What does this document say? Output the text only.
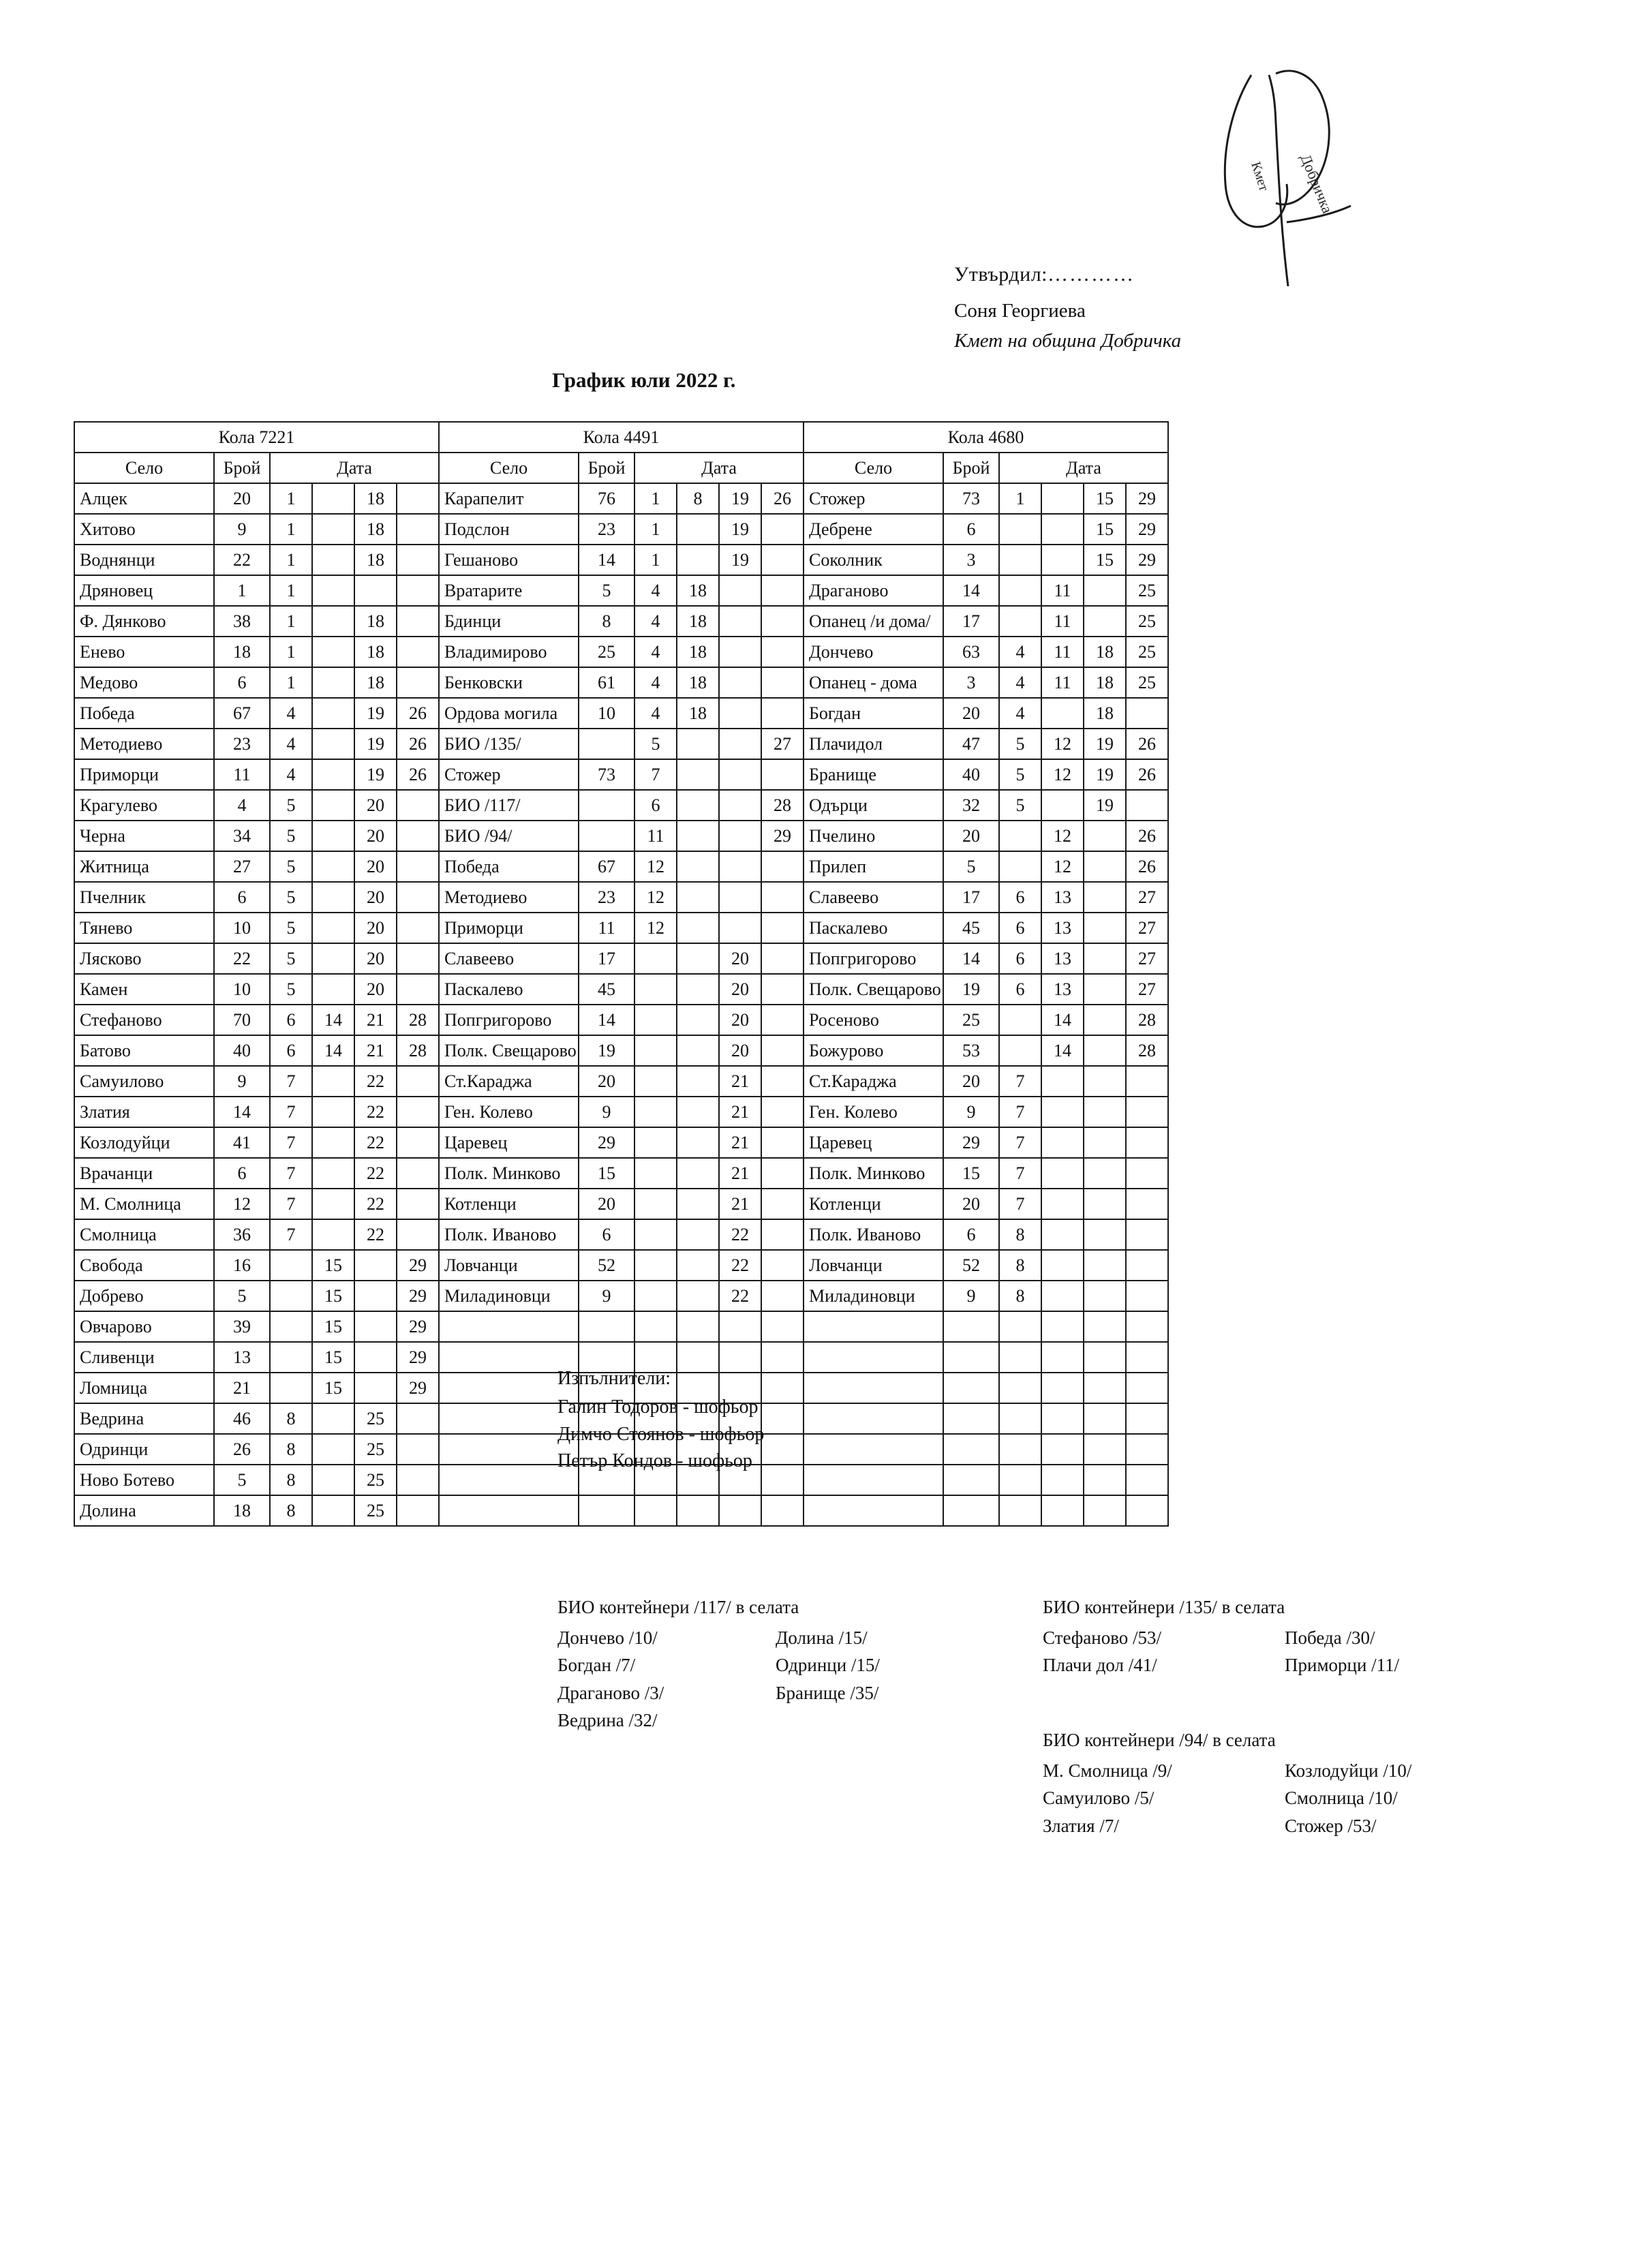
Добричка
Кмет
Утвърдил:…………
Соня Георгиева
Кмет на община Добричка
График юли 2022 г.
Кола 7221						Кола 4491						Кола 4680					
Село	Брой	Дата				Село	Брой	Дата				Село	Брой	Дата			
Алцек	20	1		18		Карапелит	76	1	8	19	26	Стожер	73	1		15	29
Хитово	9	1		18		Подслон	23	1		19		Дебрене	6			15	29
Воднянци	22	1		18		Гешаново	14	1		19		Соколник	3			15	29
Дряновец	1	1				Вратарите	5	4	18			Драганово	14		11		25
Ф. Дянково	38	1		18		Бдинци	8	4	18			Опанец /и дома/	17		11		25
Енево	18	1		18		Владимирово	25	4	18			Дончево	63	4	11	18	25
Медово	6	1		18		Бенковски	61	4	18			Опанец - дома	3	4	11	18	25
Победа	67	4		19	26	Ордова могила	10	4	18			Богдан	20	4		18	
Методиево	23	4		19	26	БИО /135/		5			27	Плачидол	47	5	12	19	26
Приморци	11	4		19	26	Стожер	73	7				Бранище	40	5	12	19	26
Крагулево	4	5		20		БИО /117/		6			28	Одърци	32	5		19	
Черна	34	5		20		БИО /94/		11			29	Пчелино	20		12		26
Житница	27	5		20		Победа	67	12				Прилеп	5		12		26
Пчелник	6	5		20		Методиево	23	12				Славеево	17	6	13		27
Тянево	10	5		20		Приморци	11	12				Паскалево	45	6	13		27
Лясково	22	5		20		Славеево	17			20		Попгригорово	14	6	13		27
Камен	10	5		20		Паскалево	45			20		Полк. Свещарово	19	6	13		27
Стефаново	70	6	14	21	28	Попгригорово	14			20		Росеново	25		14		28
Батово	40	6	14	21	28	Полк. Свещарово	19			20		Божурово	53		14		28
Самуилово	9	7		22		Ст.Караджа	20			21		Ст.Караджа	20	7			
Златия	14	7		22		Ген. Колево	9			21		Ген. Колево	9	7			
Козлодуйци	41	7		22		Царевец	29			21		Царевец	29	7			
Врачанци	6	7		22		Полк. Минково	15			21		Полк. Минково	15	7			
М. Смолница	12	7		22		Котленци	20			21		Котленци	20	7			
Смолница	36	7		22		Полк. Иваново	6			22		Полк. Иваново	6	8			
Свобода	16		15		29	Ловчанци	52			22		Ловчанци	52	8			
Добрево	5		15		29	Миладиновци	9			22		Миладиновци	9	8			
Овчарово	39		15		29												
Сливенци	13		15		29												
Ломница	21		15		29												
Ведрина	46	8		25													
Одринци	26	8		25													
Ново Ботево	5	8		25													
Долина	18	8		25													
Изпълнители:
Галин Тодоров - шофьор
Димчо Стоянов - шофьор
Петър Кондов - шофьор
БИО контейнери /117/ в селата
Дончево /10/	Долина /15/
Богдан /7/	Одринци /15/
Драганово /3/	Бранище /35/
Ведрина /32/
БИО контейнери /135/ в селата
Стефаново /53/	Победа /30/
Плачи дол /41/	Приморци /11/
БИО контейнери /94/ в селата
М. Смолница /9/	Козлодуйци /10/
Самуилово /5/	Смолница /10/
Златия /7/	Стожер /53/
